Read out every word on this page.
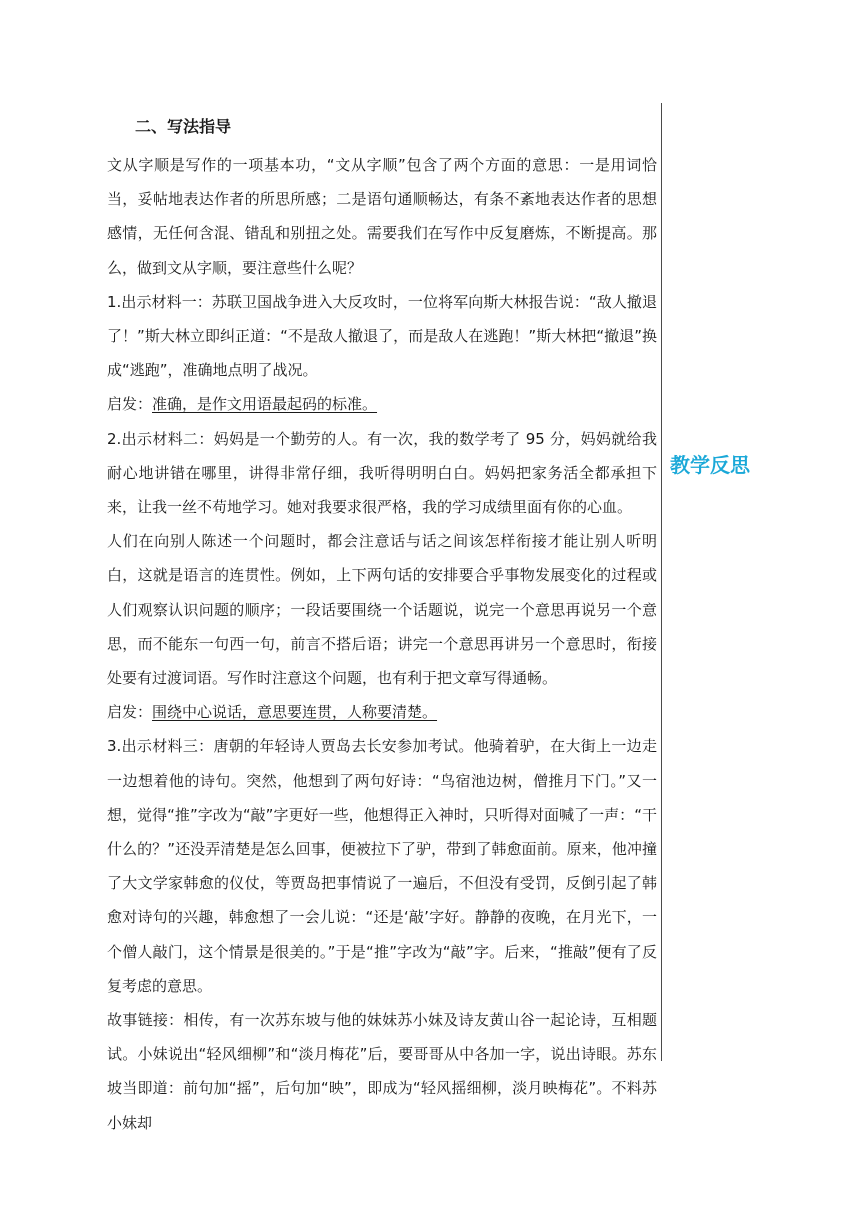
二、写法指导

文从字顺是写作的一项基本功，“文从字顺”包含了两个方面的意思：一是用词恰当，妥帖地表达作者的所思所感；二是语句通顺畅达，有条不紊地表达作者的思想感情，无任何含混、错乱和别扭之处。需要我们在写作中反复磨炼，不断提高。那么，做到文从字顺，要注意些什么呢？

1.出示材料一：苏联卫国战争进入大反攻时，一位将军向斯大林报告说：“敌人撤退了！”斯大林立即纠正道：“不是敌人撤退了，而是敌人在逃跑！”斯大林把“撤退”换成“逃跑”，准确地点明了战况。

启发：准确，是作文用语最起码的标准。

2.出示材料二：妈妈是一个勤劳的人。有一次，我的数学考了 95 分，妈妈就给我耐心地讲错在哪里，讲得非常仔细，我听得明明白白。妈妈把家务活全都承担下来，让我一丝不苟地学习。她对我要求很严格，我的学习成绩里面有你的心血。

人们在向别人陈述一个问题时，都会注意话与话之间该怎样衔接才能让别人听明白，这就是语言的连贯性。例如，上下两句话的安排要合乎事物发展变化的过程或人们观察认识问题的顺序；一段话要围绕一个话题说，说完一个意思再说另一个意思，而不能东一句西一句，前言不搭后语；讲完一个意思再讲另一个意思时，衔接处要有过渡词语。写作时注意这个问题，也有利于把文章写得通畅。

启发：围绕中心说话，意思要连贯，人称要清楚。

3.出示材料三：唐朝的年轻诗人贾岛去长安参加考试。他骑着驴，在大街上一边走一边想着他的诗句。突然，他想到了两句好诗：“鸟宿池边树，僧推月下门。”又一想，觉得“推”字改为“敲”字更好一些，他想得正入神时，只听得对面喊了一声：“干什么的？”还没弄清楚是怎么回事，便被拉下了驴，带到了韩愈面前。原来，他冲撞了大文学家韩愈的仪仗，等贾岛把事情说了一遍后，不但没有受罚，反倒引起了韩愈对诗句的兴趣，韩愈想了一会儿说：“还是‘敲’字好。静静的夜晚，在月光下，一个僧人敲门，这个情景是很美的。”于是“推”字改为“敲”字。后来，“推敲”便有了反复考虑的意思。

故事链接：相传，有一次苏东坡与他的妹妹苏小妹及诗友黄山谷一起论诗，互相题试。小妹说出“轻风细柳”和“淡月梅花”后，要哥哥从中各加一字，说出诗眼。苏东坡当即道：前句加“摇”，后句加“映”，即成为“轻风摇细柳，淡月映梅花”。不料苏小妹却

教学反思
